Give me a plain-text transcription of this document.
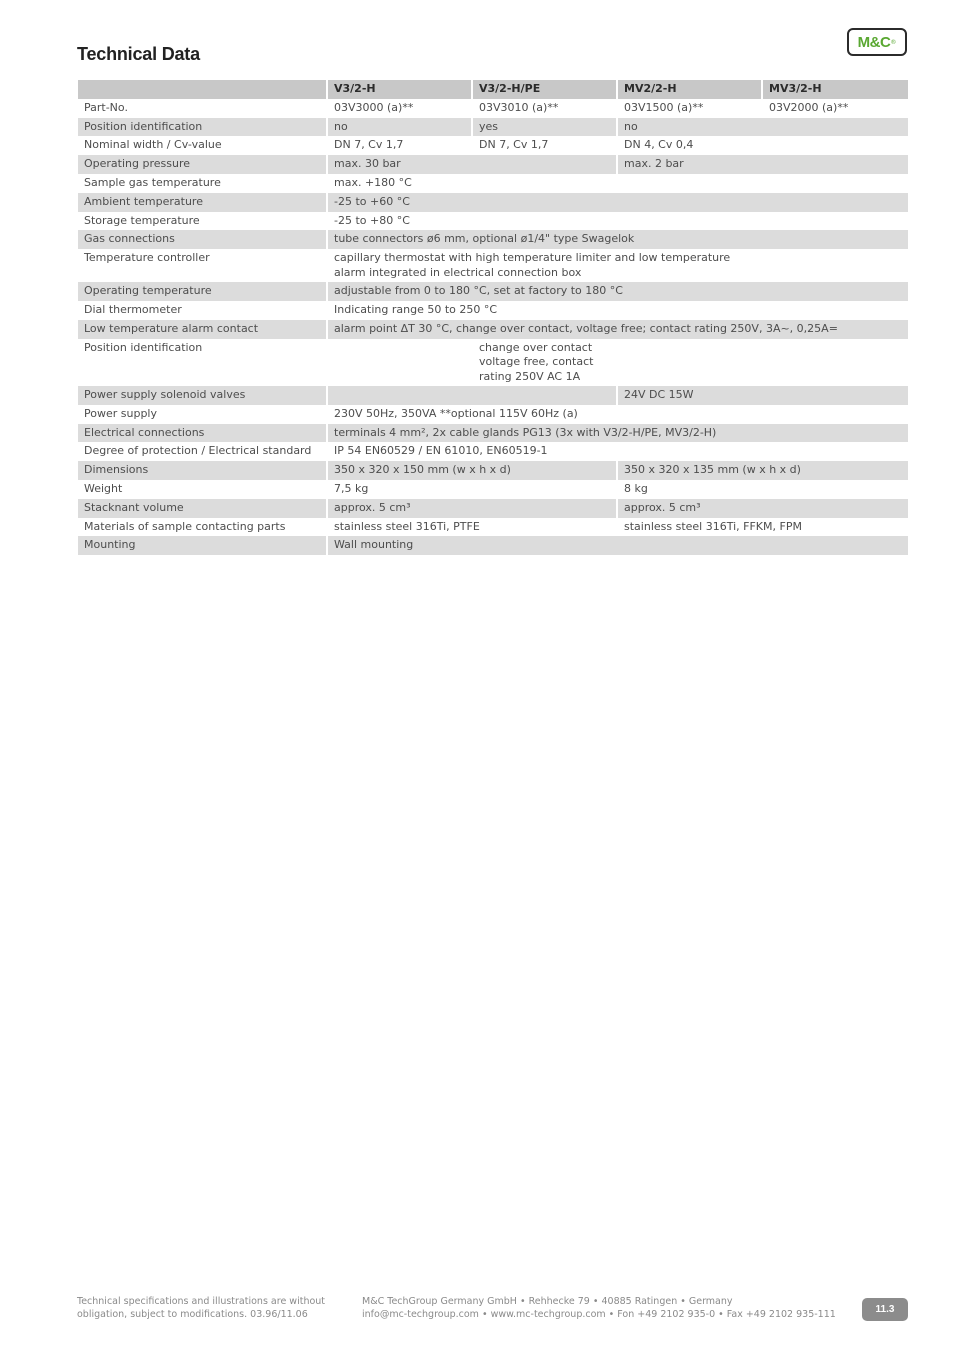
Technical Data
M&C ®
	V3/2-H	V3/2-H/PE	MV2/2-H	MV3/2-H
Part-No.	03V3000 (a)**	03V3010 (a)**	03V1500 (a)**	03V2000 (a)**
Position identification	no	yes	no	
Nominal width / Cv-value	DN 7, Cv 1,7	DN 7, Cv 1,7	DN 4, Cv 0,4	
Operating pressure	max. 30 bar		max. 2 bar	
Sample gas temperature	max. +180 °C			
Ambient temperature	-25 to +60 °C			
Storage temperature	-25 to +80 °C			
Gas connections	tube connectors ø6 mm, optional ø1/4" type Swagelok			
Temperature controller	capillary thermostat with high temperature limiter and low temperature alarm integrated in electrical connection box			
Operating temperature	adjustable from 0 to 180 °C, set at factory to 180 °C			
Dial thermometer	Indicating range 50 to 250 °C			
Low temperature alarm contact	alarm point ΔT 30 °C, change over contact, voltage free; contact rating 250V, 3A~, 0,25A=			
Position identification		change over contact voltage free, contact rating 250V AC 1A		
Power supply solenoid valves			24V DC 15W	
Power supply	230V 50Hz, 350VA **optional 115V 60Hz (a)			
Electrical connections	terminals 4 mm², 2x cable glands PG13 (3x with V3/2-H/PE, MV3/2-H)			
Degree of protection / Electrical standard	IP 54 EN60529 / EN 61010, EN60519-1			
Dimensions	350 x 320 x 150 mm (w x h x d)		350 x 320 x 135 mm (w x h x d)	
Weight	7,5 kg		8 kg	
Stacknant volume	approx. 5 cm³		approx. 5 cm³	
Materials of sample contacting parts	stainless steel 316Ti, PTFE		stainless steel 316Ti, FFKM, FPM	
Mounting	Wall mounting			
Technical specifications and illustrations are without obligation, subject to modifications. 03.96/11.06
M&C TechGroup Germany GmbH • Rehhecke 79 • 40885 Ratingen • Germany
info@mc-techgroup.com • www.mc-techgroup.com • Fon +49 2102 935-0 • Fax +49 2102 935-111	11.3
